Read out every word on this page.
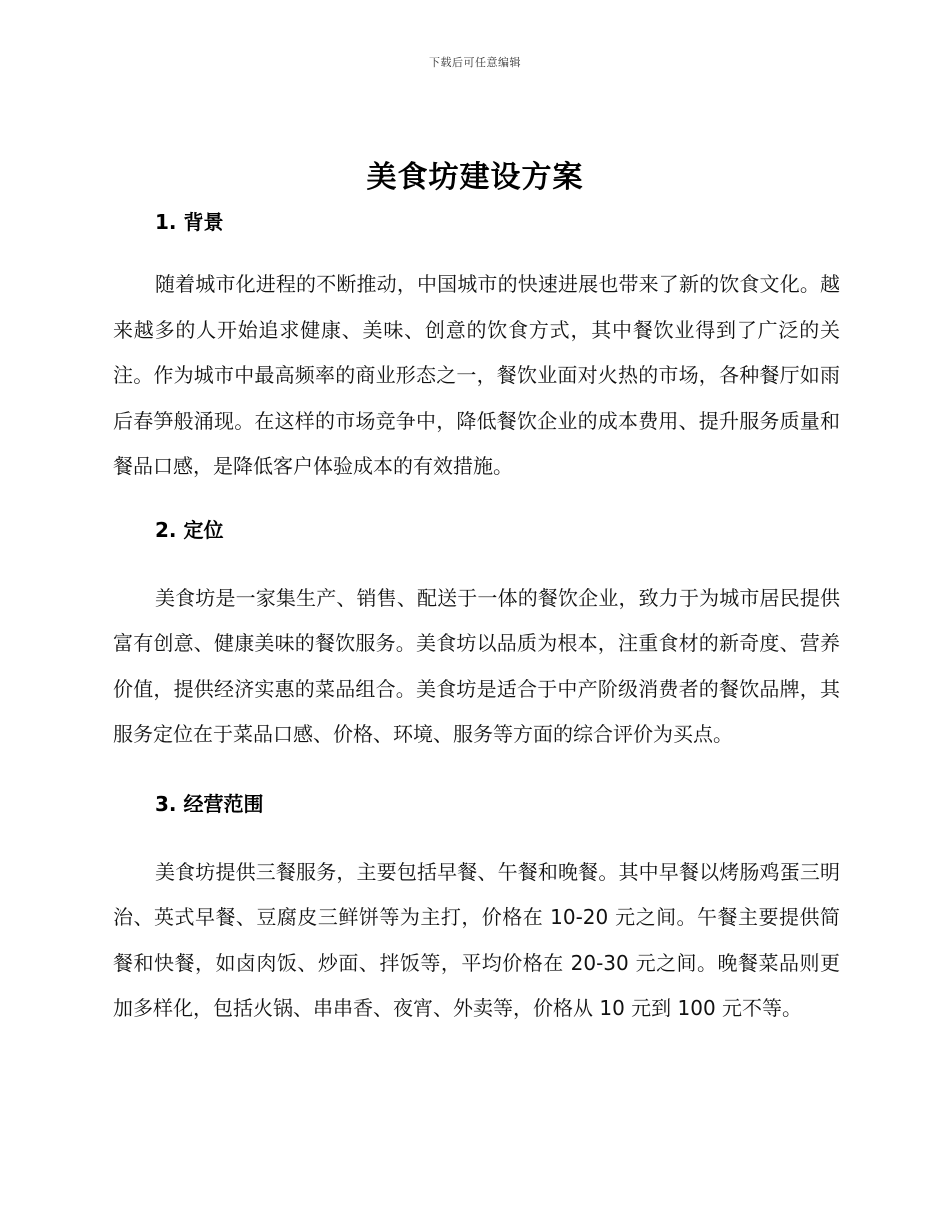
下载后可任意编辑
美食坊建设方案
1. 背景

随着城市化进程的不断推动，中国城市的快速进展也带来了新的饮食文化。越来越多的人开始追求健康、美味、创意的饮食方式，其中餐饮业得到了广泛的关注。作为城市中最高频率的商业形态之一，餐饮业面对火热的市场，各种餐厅如雨后春笋般涌现。在这样的市场竞争中，降低餐饮企业的成本费用、提升服务质量和餐品口感，是降低客户体验成本的有效措施。

2. 定位

美食坊是一家集生产、销售、配送于一体的餐饮企业，致力于为城市居民提供富有创意、健康美味的餐饮服务。美食坊以品质为根本，注重食材的新奇度、营养价值，提供经济实惠的菜品组合。美食坊是适合于中产阶级消费者的餐饮品牌，其服务定位在于菜品口感、价格、环境、服务等方面的综合评价为买点。

3. 经营范围

美食坊提供三餐服务，主要包括早餐、午餐和晚餐。其中早餐以烤肠鸡蛋三明治、英式早餐、豆腐皮三鲜饼等为主打，价格在 10-20 元之间。午餐主要提供简餐和快餐，如卤肉饭、炒面、拌饭等，平均价格在 20-30 元之间。晚餐菜品则更加多样化，包括火锅、串串香、夜宵、外卖等，价格从 10 元到 100 元不等。
